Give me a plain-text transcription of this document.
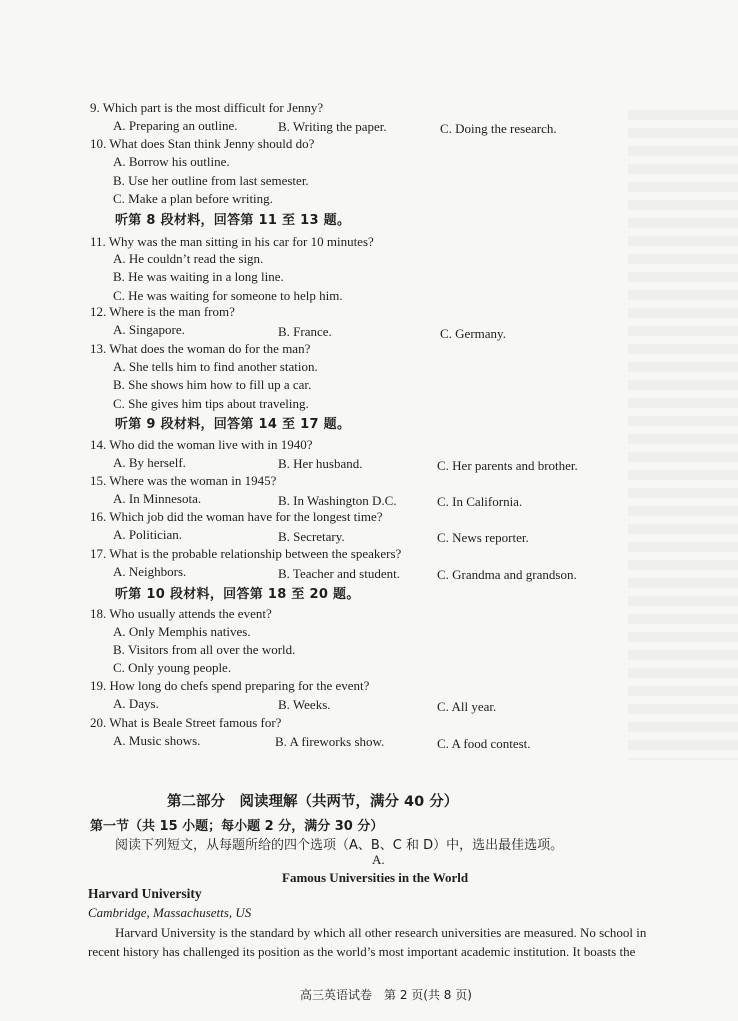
9. Which part is the most difficult for Jenny?
A. Preparing an outline.	B. Writing the paper.	C. Doing the research.
10. What does Stan think Jenny should do?
A. Borrow his outline.
B. Use her outline from last semester.
C. Make a plan before writing.
听第 8 段材料，回答第 11 至 13 题。
11. Why was the man sitting in his car for 10 minutes?
A. He couldn’t read the sign.
B. He was waiting in a long line.
C. He was waiting for someone to help him.
12. Where is the man from?
A. Singapore.	B. France.	C. Germany.
13. What does the woman do for the man?
A. She tells him to find another station.
B. She shows him how to fill up a car.
C. She gives him tips about traveling.
听第 9 段材料，回答第 14 至 17 题。
14. Who did the woman live with in 1940?
A. By herself.	B. Her husband.	C. Her parents and brother.
15. Where was the woman in 1945?
A. In Minnesota.	B. In Washington D.C.	C. In California.
16. Which job did the woman have for the longest time?
A. Politician.	B. Secretary.	C. News reporter.
17. What is the probable relationship between the speakers?
A. Neighbors.	B. Teacher and student.	C. Grandma and grandson.
听第 10 段材料，回答第 18 至 20 题。
18. Who usually attends the event?
A. Only Memphis natives.
B. Visitors from all over the world.
C. Only young people.
19. How long do chefs spend preparing for the event?
A. Days.	B. Weeks.	C. All year.
20. What is Beale Street famous for?
A. Music shows.	B. A fireworks show.	C. A food contest.
第二部分　阅读理解（共两节，满分 40 分）
第一节（共 15 小题；每小题 2 分，满分 30 分）
阅读下列短文，从每题所给的四个选项（A、B、C 和 D）中，选出最佳选项。
A.
Famous Universities in the World
Harvard University
Cambridge, Massachusetts, US
Harvard University is the standard by which all other research universities are measured. No school in
recent history has challenged its position as the world’s most important academic institution. It boasts the
高三英语试卷　第 2 页(共 8 页)
